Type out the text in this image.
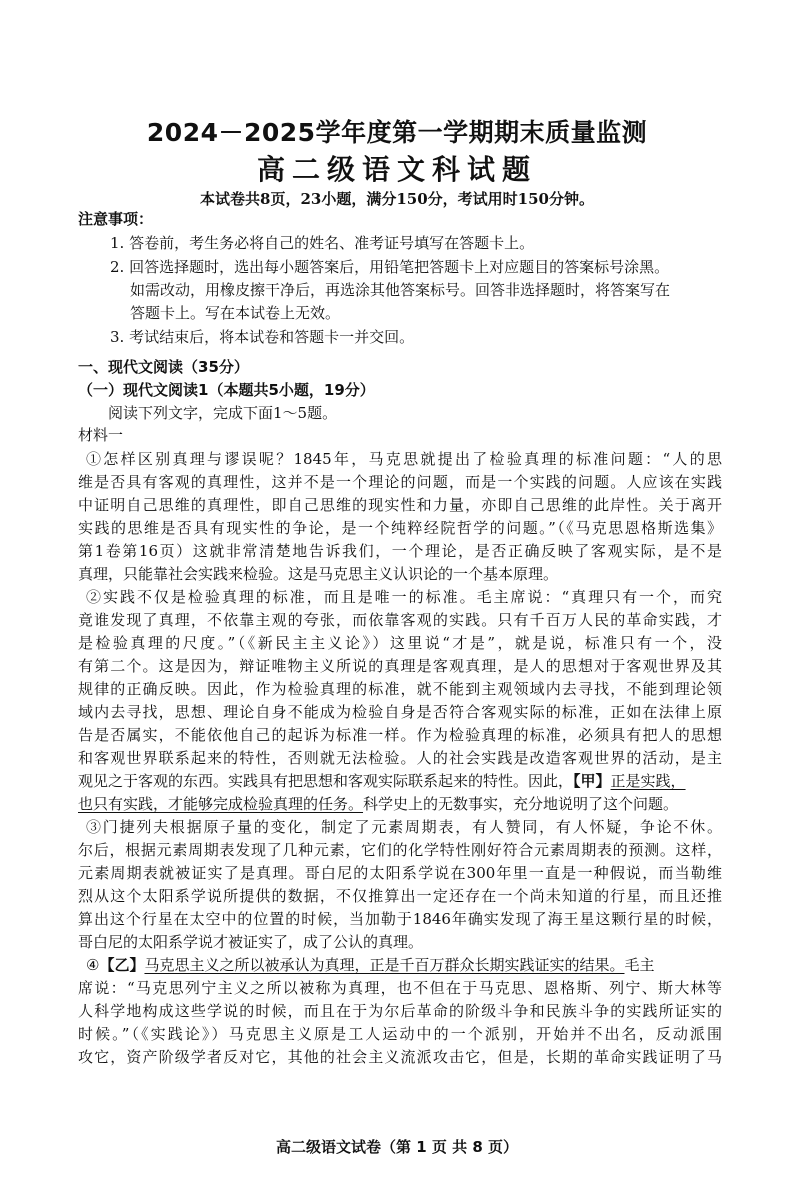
2024－2025学年度第一学期期末质量监测
高二级语文科试题
本试卷共8页，23小题，满分150分，考试用时150分钟。
注意事项：
1. 答卷前，考生务必将自己的姓名、准考证号填写在答题卡上。
2. 回答选择题时，选出每小题答案后，用铅笔把答题卡上对应题目的答案标号涂黑。
如需改动，用橡皮擦干净后，再选涂其他答案标号。回答非选择题时，将答案写在
答题卡上。写在本试卷上无效。
3. 考试结束后，将本试卷和答题卡一并交回。
一、现代文阅读（35分）
（一）现代文阅读1（本题共5小题，19分）
阅读下列文字，完成下面1～5题。
材料一
①怎样区别真理与谬误呢？1845年，马克思就提出了检验真理的标准问题：“人的思
维是否具有客观的真理性，这并不是一个理论的问题，而是一个实践的问题。人应该在实践
中证明自己思维的真理性，即自己思维的现实性和力量，亦即自己思维的此岸性。关于离开
实践的思维是否具有现实性的争论，是一个纯粹经院哲学的问题。”（《马克思恩格斯选集》
第1卷第16页）这就非常清楚地告诉我们，一个理论，是否正确反映了客观实际，是不是
真理，只能靠社会实践来检验。这是马克思主义认识论的一个基本原理。
②实践不仅是检验真理的标准，而且是唯一的标准。毛主席说：“真理只有一个，而究
竟谁发现了真理，不依靠主观的夸张，而依靠客观的实践。只有千百万人民的革命实践，才
是检验真理的尺度。”（《新民主主义论》）这里说“才是”，就是说，标准只有一个，没
有第二个。这是因为，辩证唯物主义所说的真理是客观真理，是人的思想对于客观世界及其
规律的正确反映。因此，作为检验真理的标准，就不能到主观领域内去寻找，不能到理论领
域内去寻找，思想、理论自身不能成为检验自身是否符合客观实际的标准，正如在法律上原
告是否属实，不能依他自己的起诉为标准一样。作为检验真理的标准，必须具有把人的思想
和客观世界联系起来的特性，否则就无法检验。人的社会实践是改造客观世界的活动，是主
观见之于客观的东西。实践具有把思想和客观实际联系起来的特性。因此，【甲】正是实践，
也只有实践，才能够完成检验真理的任务。科学史上的无数事实，充分地说明了这个问题。
③门捷列夫根据原子量的变化，制定了元素周期表，有人赞同，有人怀疑，争论不休。
尔后，根据元素周期表发现了几种元素，它们的化学特性刚好符合元素周期表的预测。这样，
元素周期表就被证实了是真理。哥白尼的太阳系学说在300年里一直是一种假说，而当勒维
烈从这个太阳系学说所提供的数据，不仅推算出一定还存在一个尚未知道的行星，而且还推
算出这个行星在太空中的位置的时候，当加勒于1846年确实发现了海王星这颗行星的时候，
哥白尼的太阳系学说才被证实了，成了公认的真理。
④【乙】马克思主义之所以被承认为真理，正是千百万群众长期实践证实的结果。毛主
席说：“马克思列宁主义之所以被称为真理，也不但在于马克思、恩格斯、列宁、斯大林等
人科学地构成这些学说的时候，而且在于为尔后革命的阶级斗争和民族斗争的实践所证实的
时候。”（《实践论》）马克思主义原是工人运动中的一个派别，开始并不出名，反动派围
攻它，资产阶级学者反对它，其他的社会主义流派攻击它，但是，长期的革命实践证明了马
高二级语文试卷（第 1 页 共 8 页）
